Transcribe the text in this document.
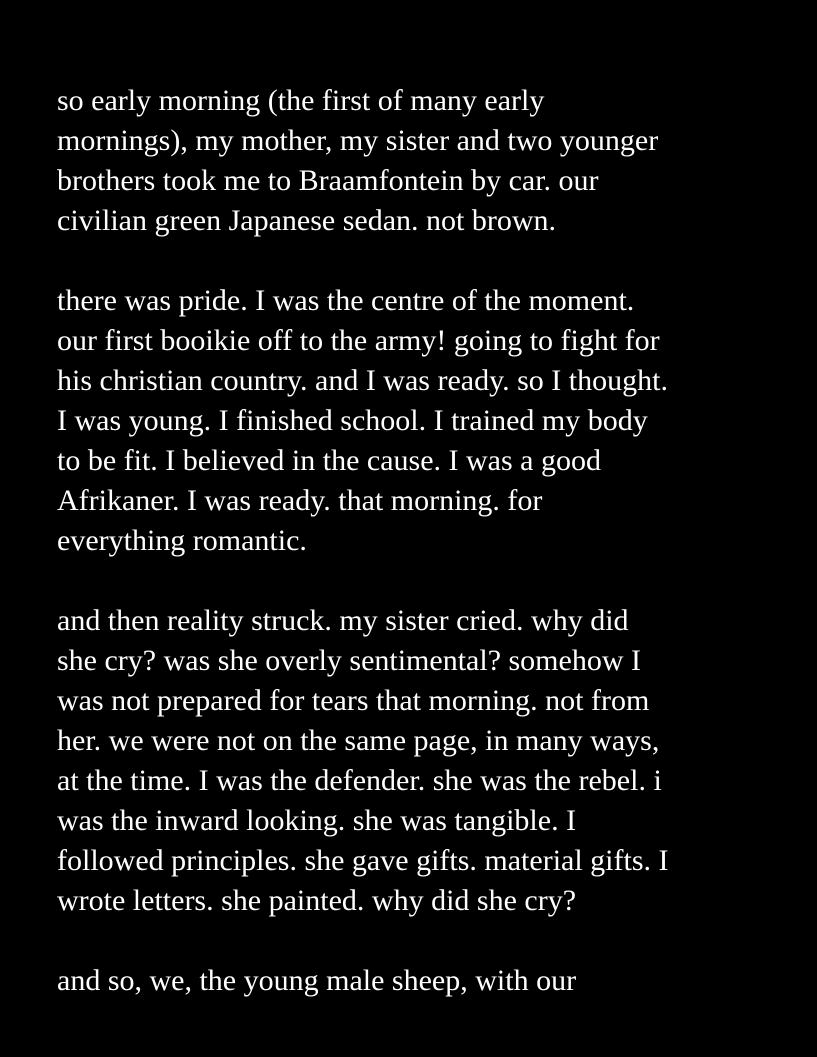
so early morning (the first of many early
mornings), my mother, my sister and two younger
brothers took me to Braamfontein by car. our
civilian green Japanese sedan. not brown.
there was pride. I was the centre of the moment.
our first booikie off to the army! going to fight for
his christian country. and I was ready. so I thought.
I was young. I finished school. I trained my body
to be fit. I believed in the cause. I was a good
Afrikaner. I was ready. that morning. for
everything romantic.
and then reality struck. my sister cried. why did
she cry? was she overly sentimental? somehow I
was not prepared for tears that morning. not from
her. we were not on the same page, in many ways,
at the time. I was the defender. she was the rebel. i
was the inward looking. she was tangible. I
followed principles. she gave gifts. material gifts. I
wrote letters. she painted. why did she cry?
and so, we, the young male sheep, with our
